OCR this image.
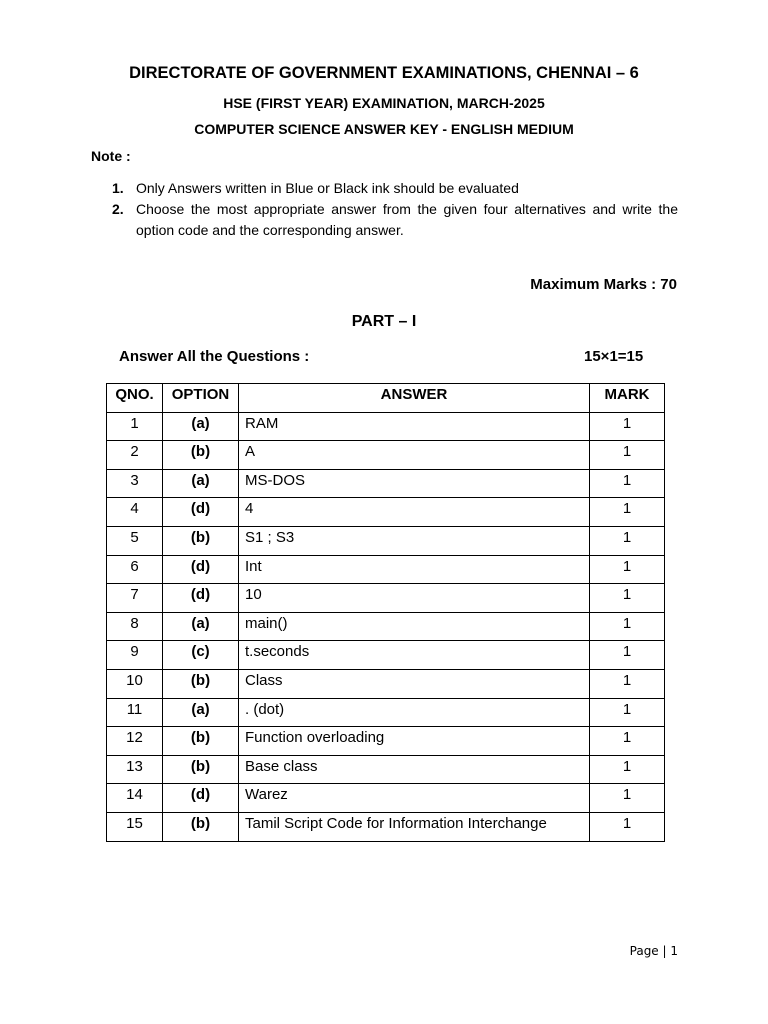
DIRECTORATE OF GOVERNMENT EXAMINATIONS, CHENNAI – 6
HSE (FIRST YEAR) EXAMINATION, MARCH-2025
COMPUTER SCIENCE ANSWER KEY - ENGLISH MEDIUM
Note :
1. Only Answers written in Blue or Black ink should be evaluated
2. Choose the most appropriate answer from the given four alternatives and write the option code and the corresponding answer.
Maximum Marks : 70
PART – I
Answer All the Questions :	15×1=15
QNO.	OPTION	ANSWER	MARK
1	(a)	RAM	1
2	(b)	A	1
3	(a)	MS-DOS	1
4	(d)	4	1
5	(b)	S1 ; S3	1
6	(d)	Int	1
7	(d)	10	1
8	(a)	main()	1
9	(c)	t.seconds	1
10	(b)	Class	1
11	(a)	. (dot)	1
12	(b)	Function overloading	1
13	(b)	Base class	1
14	(d)	Warez	1
15	(b)	Tamil Script Code for Information Interchange	1
Page | 1
